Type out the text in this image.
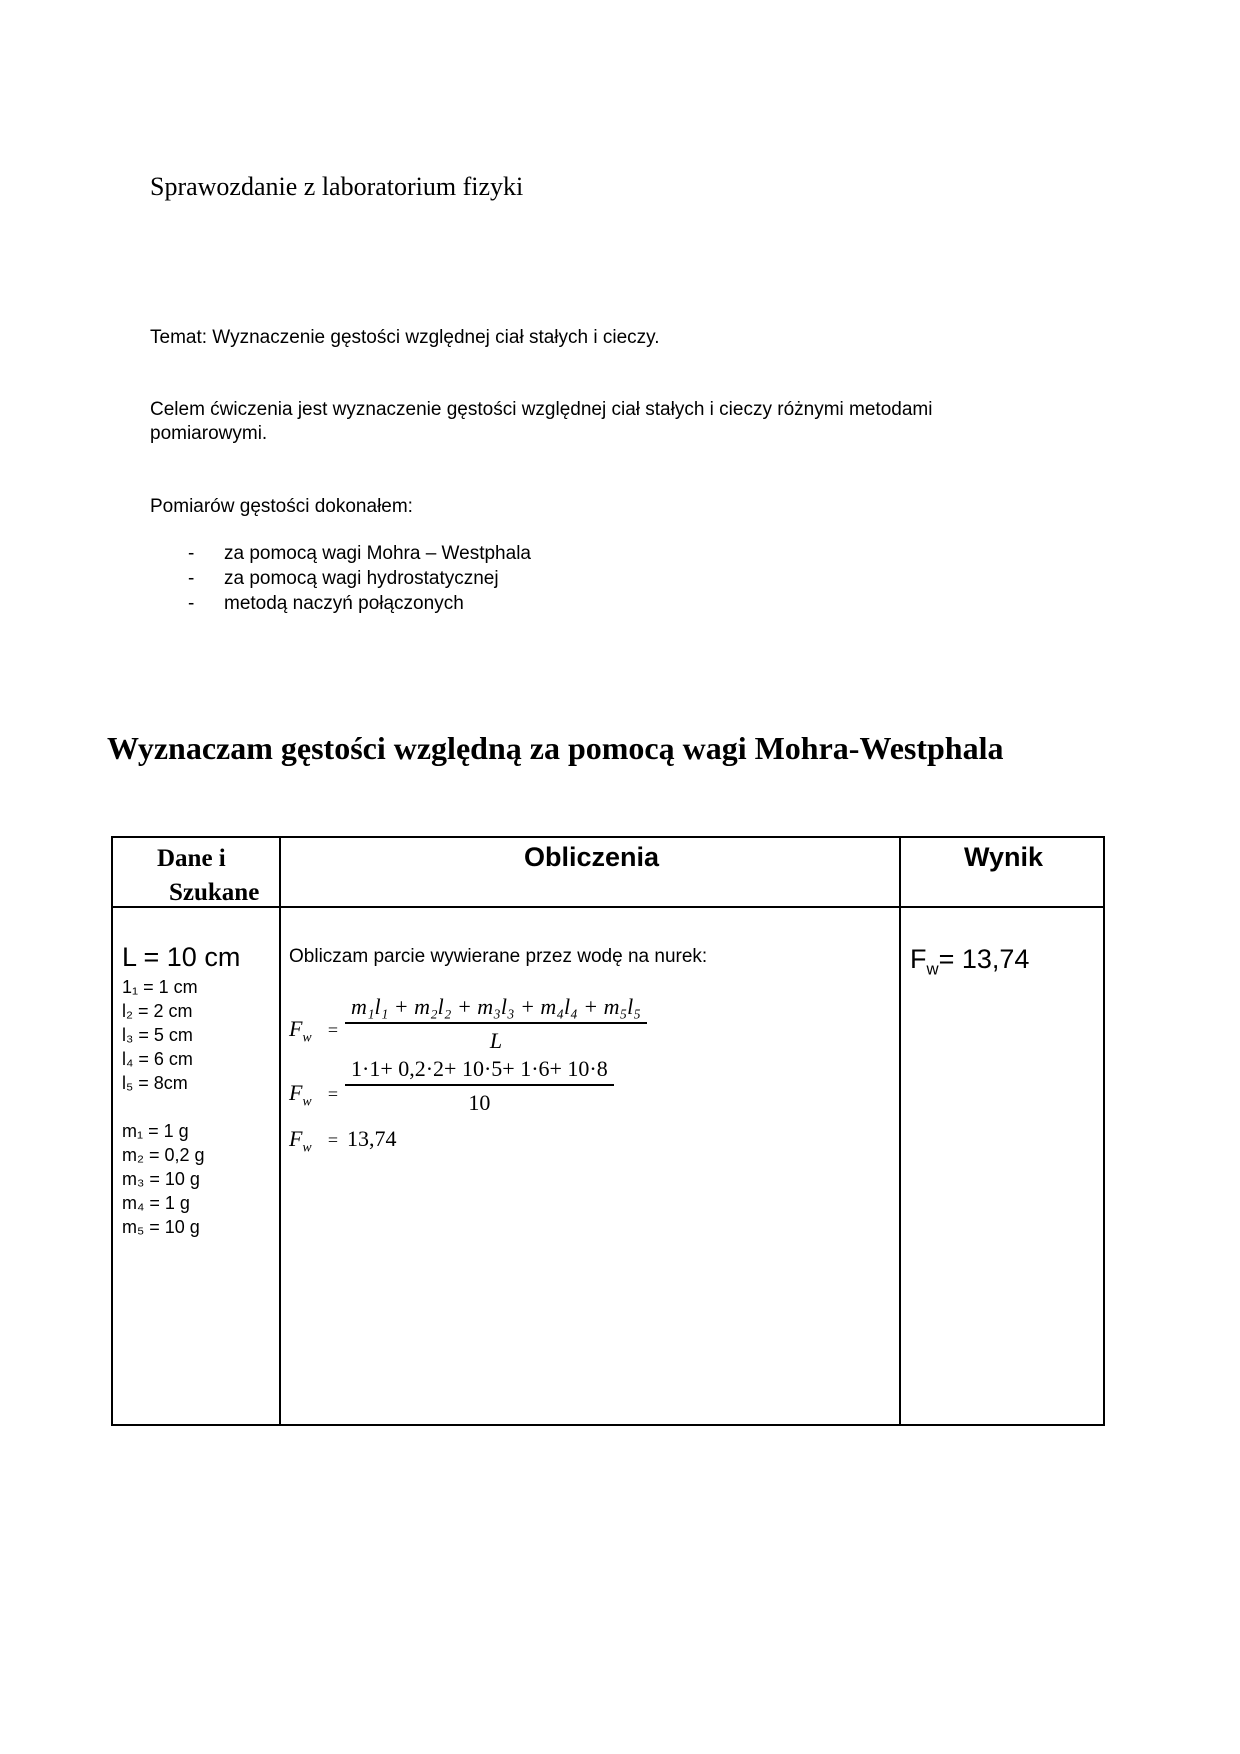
Sprawozdanie z laboratorium fizyki
Temat: Wyznaczenie gęstości względnej ciał stałych i cieczy.
Celem ćwiczenia jest wyznaczenie gęstości względnej ciał stałych i cieczy różnymi metodami pomiarowymi.
Pomiarów gęstości dokonałem:
- za pomocą wagi Mohra – Westphala
- za pomocą wagi hydrostatycznej
- metodą naczyń połączonych
Wyznaczam gęstości względną za pomocą wagi Mohra-Westphala
Dane i
Szukane
Obliczenia	Wynik
L = 10 cm
1₁ = 1 cm
l₂ = 2 cm
l₃ = 5 cm
l₄ = 6 cm
l₅ = 8cm
m₁ = 1 g
m₂ = 0,2 g
m₃ = 10 g
m₄ = 1 g
m₅ = 10 g
Obliczam parcie wywierane przez wodę na nurek:
$F_w = \frac{\text{m₁l₁ + m₂l₂ + m₃l₃ + m₄l₄ + m₅l₅}}{L}$
$F_w = \frac{1\cdot 1+ 0,2\cdot 2+ 10\cdot 5+ 1\cdot 6+ 10\cdot 8}{10}$
$F_w = 13,74$
$F_w= 13,74$
